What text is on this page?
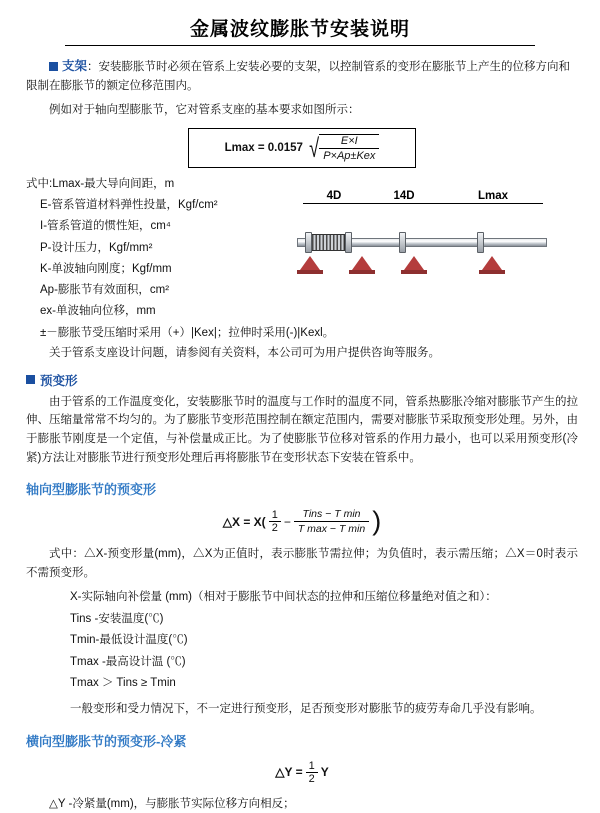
金属波纹膨胀节安装说明
支架：安装膨胀节时必须在管系上安装必要的支架，以控制管系的变形在膨胀节上产生的位移方向和限制在膨胀节的额定位移范围内。

例如对于轴向型膨胀节，它对管系支座的基本要求如图所示：

Lmax = 0.0157 √ $\frac{E\times I}{\text{P×Ap±Kex}}$
式中:Lmax-最大导向间距，m
E-管系管道材料弹性投量，Kgf/cm²
I-管系管道的惯性矩，cm⁴
P-设计压力，Kgf/mm²
K-单波轴向刚度；Kgf/mm
Ap-膨胀节有效面积，cm²
ex-单波轴向位移，mm
±－膨胀节受压缩时采用（+）|Kex|；拉伸时采用(-)|Kexl。
4D	14D	Lmax

关于管系支座设计问题，请参阅有关资料，本公司可为用户提供咨询等服务。

预变形

由于管系的工作温度变化，安装膨胀节时的温度与工作时的温度不同，管系热膨胀冷缩对膨胀节产生的拉伸、压缩量常常不均匀的。为了膨胀节变形范围控制在额定范围内，需要对膨胀节采取预变形处理。另外，由于膨胀节刚度是一个定值，与补偿量成正比。为了使膨胀节位移对管系的作用力最小，也可以采用预变形(冷紧)方法让对膨胀节进行预变形处理后再将膨胀节在变形状态下安装在管系中。

轴向型膨胀节的预变形
△X = $X( \frac{1}{2} - \frac{\text{Tins − T min}}{\text{T max − T min}}$ )

式中：△X-预变形量(mm)，△X为正值时，表示膨胀节需拉伸；为负值时，表示需压缩；△X＝0时表示不需预变形。

X-实际轴向补偿量 (mm)（相对于膨胀节中间状态的拉伸和压缩位移量绝对值之和）：

Tins -安装温度(℃)
Tmin-最低设计温度(℃)
Tmax -最高设计温 (℃)
Tmax ＞ Tins ≥ Tmin

一般变形和受力情况下，不一定进行预变形，足否预变形对膨胀节的疲劳寿命几乎没有影响。

横向型膨胀节的预变形-冷紧
△Y = $\frac{1}{2}$ Y

△Y -冷紧量(mm)，与膨胀节实际位移方向相反；
